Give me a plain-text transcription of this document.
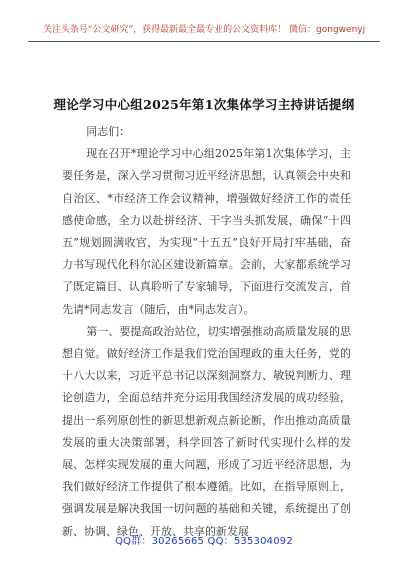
关注头条号“公文研究”，获得最新最全最专业的公文资料库！ 微信：gongwenyj
理论学习中心组2025年第1次集体学习主持讲话提纲

同志们：

现在召开*理论学习中心组2025年第1次集体学习，主要任务是，深入学习贯彻习近平经济思想，认真领会中央和自治区、*市经济工作会议精神，增强做好经济工作的责任感使命感，全力以赴拼经济、干字当头抓发展，确保“十四五”规划圆满收官，为实现“十五五”良好开局打牢基础，奋力书写现代化科尔沁区建设新篇章。会前，大家都系统学习了既定篇目、认真聆听了专家辅导，下面进行交流发言，首先请*同志发言（随后，由*同志发言）。

第一、要提高政治站位，切实增强推动高质量发展的思想自觉。做好经济工作是我们党治国理政的重大任务，党的十八大以来，习近平总书记以深刻洞察力、敏锐判断力、理论创造力，全面总结并充分运用我国经济发展的成功经验，提出一系列原创性的新思想新观点新论断，作出推动高质量发展的重大决策部署，科学回答了新时代实现什么样的发展、怎样实现发展的重大问题，形成了习近平经济思想，为我们做好经济工作提供了根本遵循。比如，在指导原则上，强调发展是解决我国一切问题的基础和关键，系统提出了创新、协调、绿色、开放、共享的新发展

QQ群：30265665 QQ：535304092
